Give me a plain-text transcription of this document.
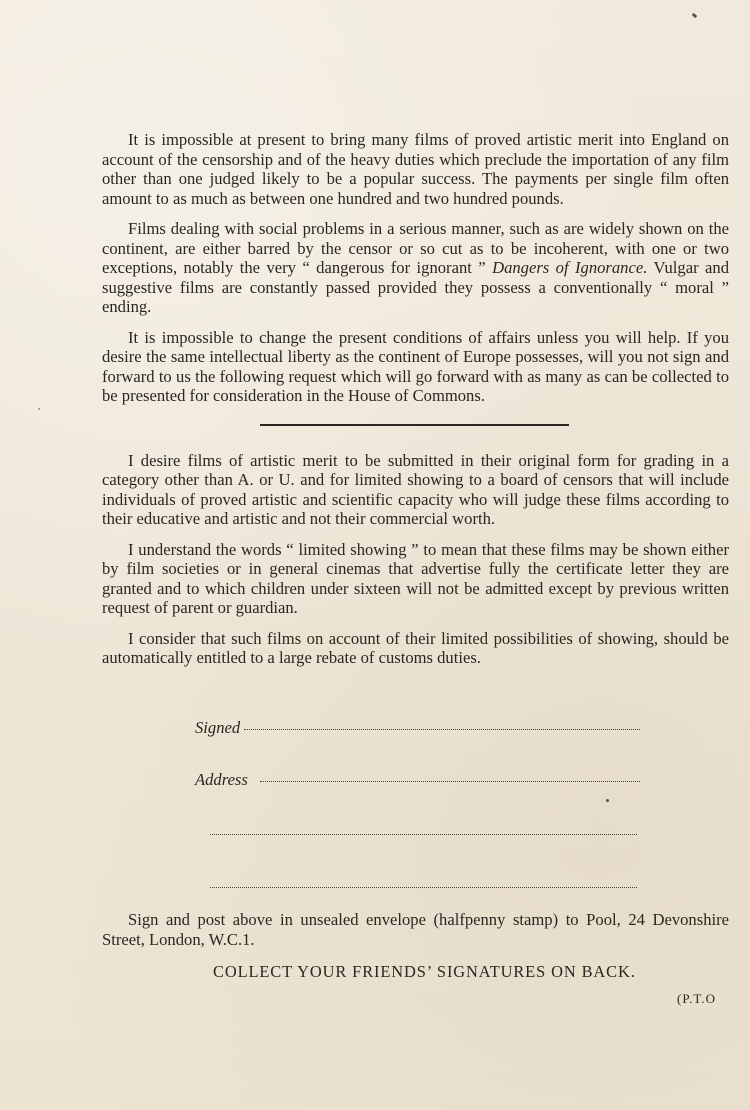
It is impossible at present to bring many films of proved artistic merit into England on account of the censorship and of the heavy duties which preclude the importation of any film other than one judged likely to be a popular success. The payments per single film often amount to as much as between one hundred and two hundred pounds.

Films dealing with social problems in a serious manner, such as are widely shown on the continent, are either barred by the censor or so cut as to be incoherent, with one or two exceptions, notably the very “ dangerous for ignorant ” Dangers of Ignorance. Vulgar and suggestive films are constantly passed provided they possess a conventionally “ moral ” ending.

It is impossible to change the present conditions of affairs unless you will help. If you desire the same intellectual liberty as the continent of Europe possesses, will you not sign and forward to us the following request which will go forward with as many as can be collected to be presented for consideration in the House of Commons.

I desire films of artistic merit to be submitted in their original form for grading in a category other than A. or U. and for limited showing to a board of censors that will include individuals of proved artistic and scientific capacity who will judge these films according to their educative and artistic and not their commercial worth.

I understand the words “ limited showing ” to mean that these films may be shown either by film societies or in general cinemas that advertise fully the certificate letter they are granted and to which children under sixteen will not be admitted except by previous written request of parent or guardian.

I consider that such films on account of their limited possibilities of showing, should be automatically entitled to a large rebate of customs duties.

Signed
Address

Sign and post above in unsealed envelope (halfpenny stamp) to Pool, 24 Devonshire Street, London, W.C.1.

COLLECT YOUR FRIENDS’ SIGNATURES ON BACK.
(P.T.O
